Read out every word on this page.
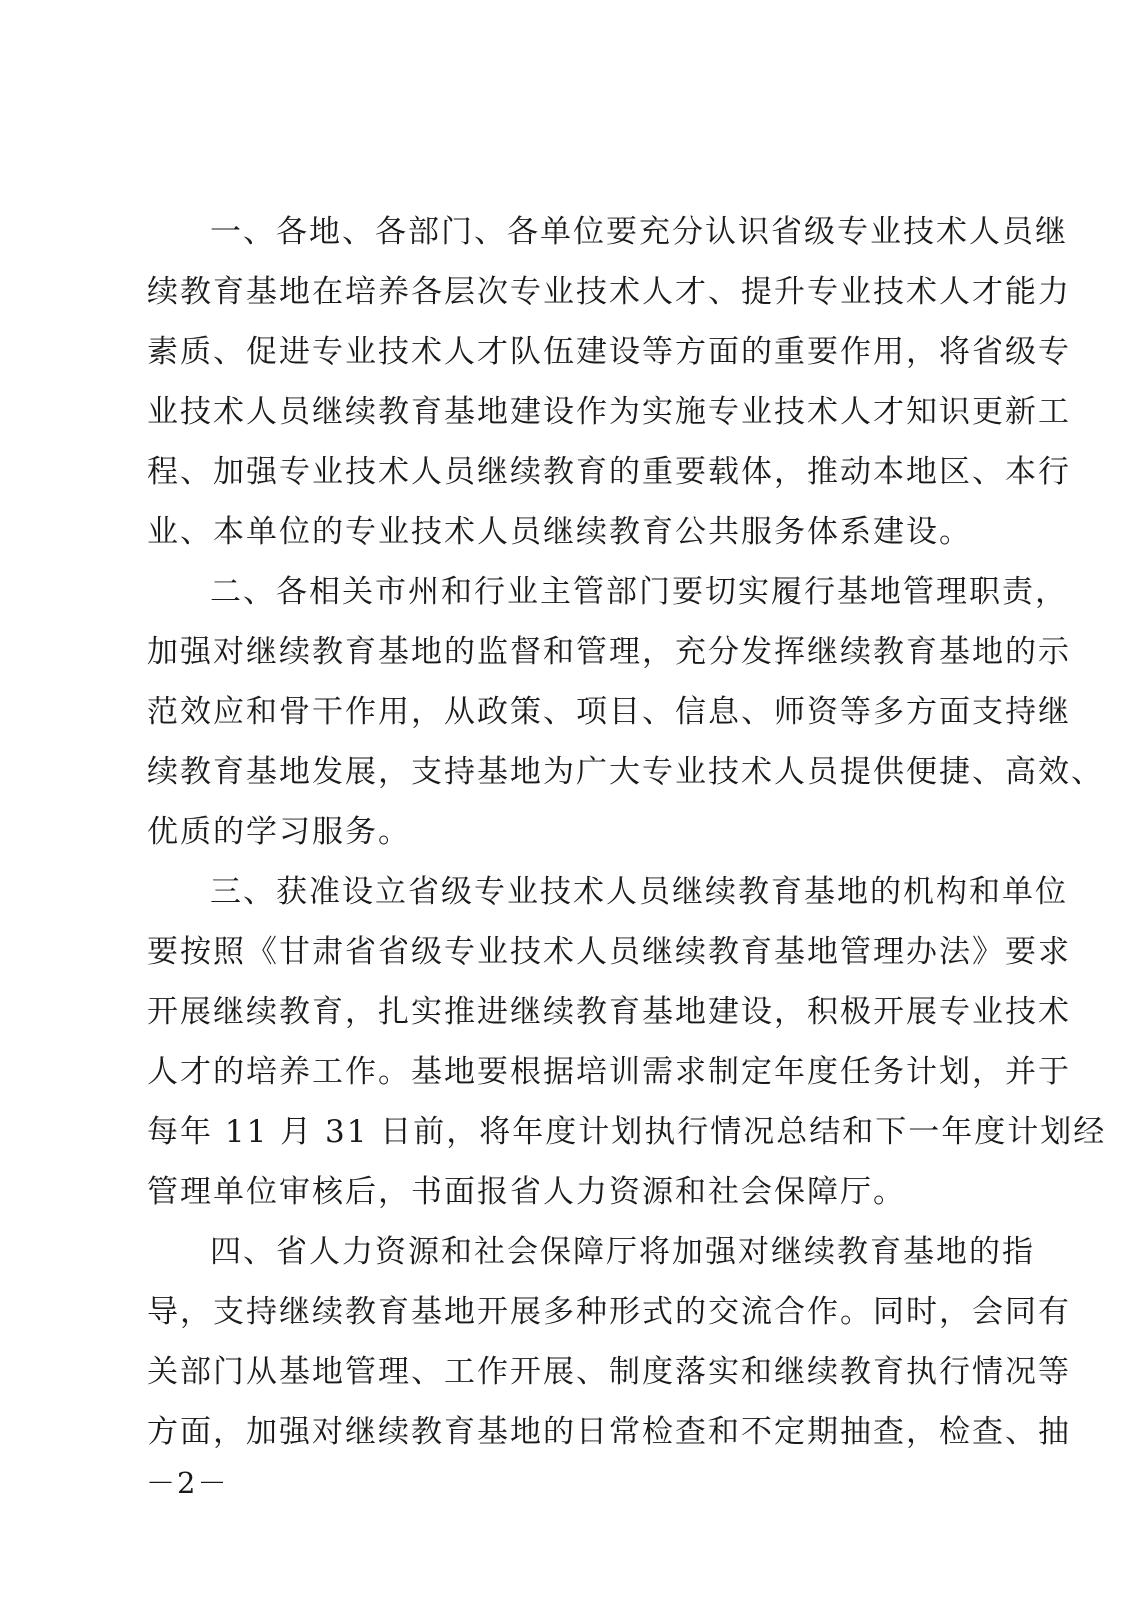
一、各地、各部门、各单位要充分认识省级专业技术人员继
续教育基地在培养各层次专业技术人才、提升专业技术人才能力
素质、促进专业技术人才队伍建设等方面的重要作用，将省级专
业技术人员继续教育基地建设作为实施专业技术人才知识更新工
程、加强专业技术人员继续教育的重要载体，推动本地区、本行
业、本单位的专业技术人员继续教育公共服务体系建设。
二、各相关市州和行业主管部门要切实履行基地管理职责，
加强对继续教育基地的监督和管理，充分发挥继续教育基地的示
范效应和骨干作用，从政策、项目、信息、师资等多方面支持继
续教育基地发展，支持基地为广大专业技术人员提供便捷、高效、
优质的学习服务。
三、获准设立省级专业技术人员继续教育基地的机构和单位
要按照《甘肃省省级专业技术人员继续教育基地管理办法》要求
开展继续教育，扎实推进继续教育基地建设，积极开展专业技术
人才的培养工作。基地要根据培训需求制定年度任务计划，并于
每年 11 月 31 日前，将年度计划执行情况总结和下一年度计划经
管理单位审核后，书面报省人力资源和社会保障厅。
四、省人力资源和社会保障厅将加强对继续教育基地的指
导，支持继续教育基地开展多种形式的交流合作。同时，会同有
关部门从基地管理、工作开展、制度落实和继续教育执行情况等
方面，加强对继续教育基地的日常检查和不定期抽查，检查、抽
－2－
